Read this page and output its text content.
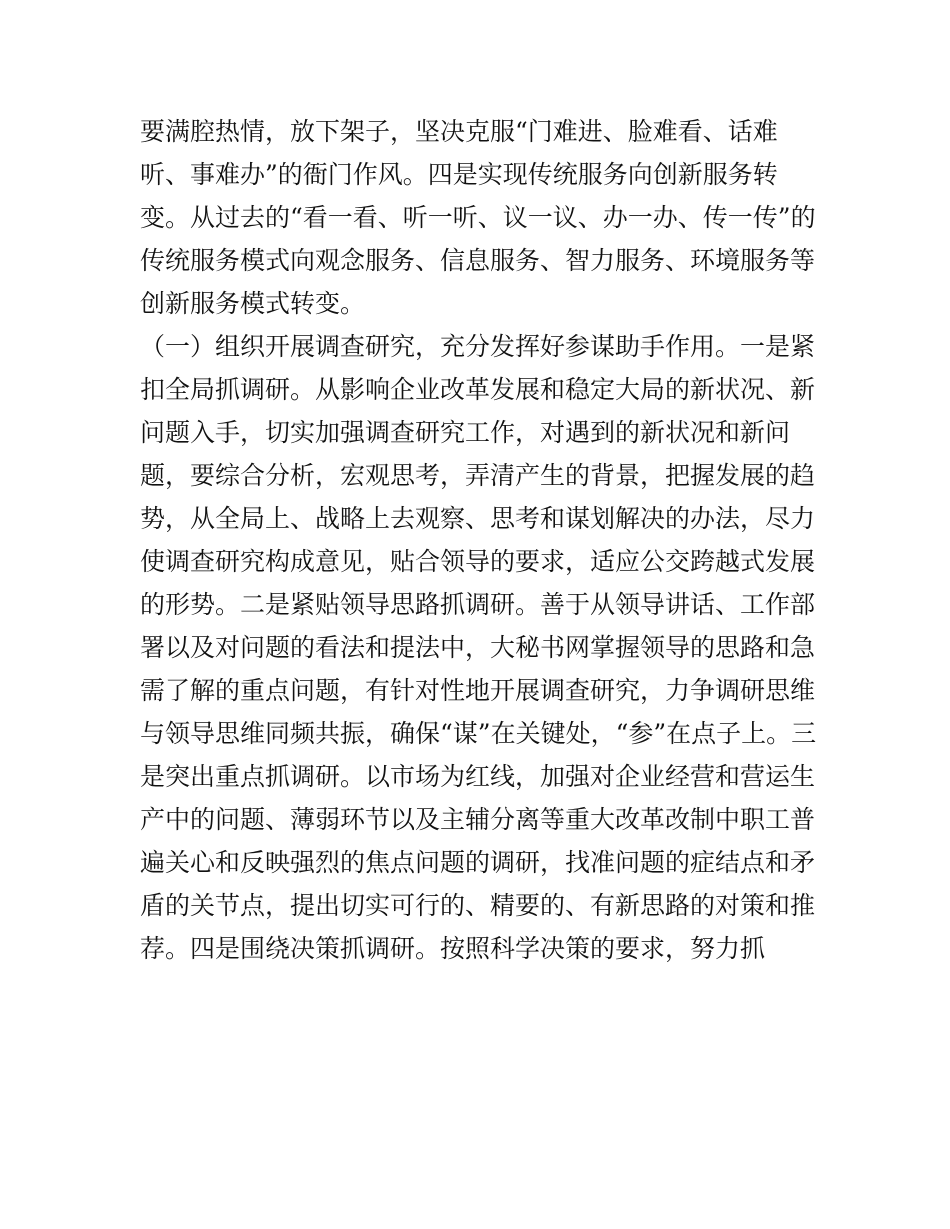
要满腔热情，放下架子，坚决克服“门难进、脸难看、话难
听、事难办”的衙门作风。四是实现传统服务向创新服务转
变。从过去的“看一看、听一听、议一议、办一办、传一传”的
传统服务模式向观念服务、信息服务、智力服务、环境服务等
创新服务模式转变。
（一）组织开展调查研究，充分发挥好参谋助手作用。一是紧
扣全局抓调研。从影响企业改革发展和稳定大局的新状况、新
问题入手，切实加强调查研究工作，对遇到的新状况和新问
题，要综合分析，宏观思考，弄清产生的背景，把握发展的趋
势，从全局上、战略上去观察、思考和谋划解决的办法，尽力
使调查研究构成意见，贴合领导的要求，适应公交跨越式发展
的形势。二是紧贴领导思路抓调研。善于从领导讲话、工作部
署以及对问题的看法和提法中，大秘书网掌握领导的思路和急
需了解的重点问题，有针对性地开展调查研究，力争调研思维
与领导思维同频共振，确保“谋”在关键处，“参”在点子上。三
是突出重点抓调研。以市场为红线，加强对企业经营和营运生
产中的问题、薄弱环节以及主辅分离等重大改革改制中职工普
遍关心和反映强烈的焦点问题的调研，找准问题的症结点和矛
盾的关节点，提出切实可行的、精要的、有新思路的对策和推
荐。四是围绕决策抓调研。按照科学决策的要求，努力抓
